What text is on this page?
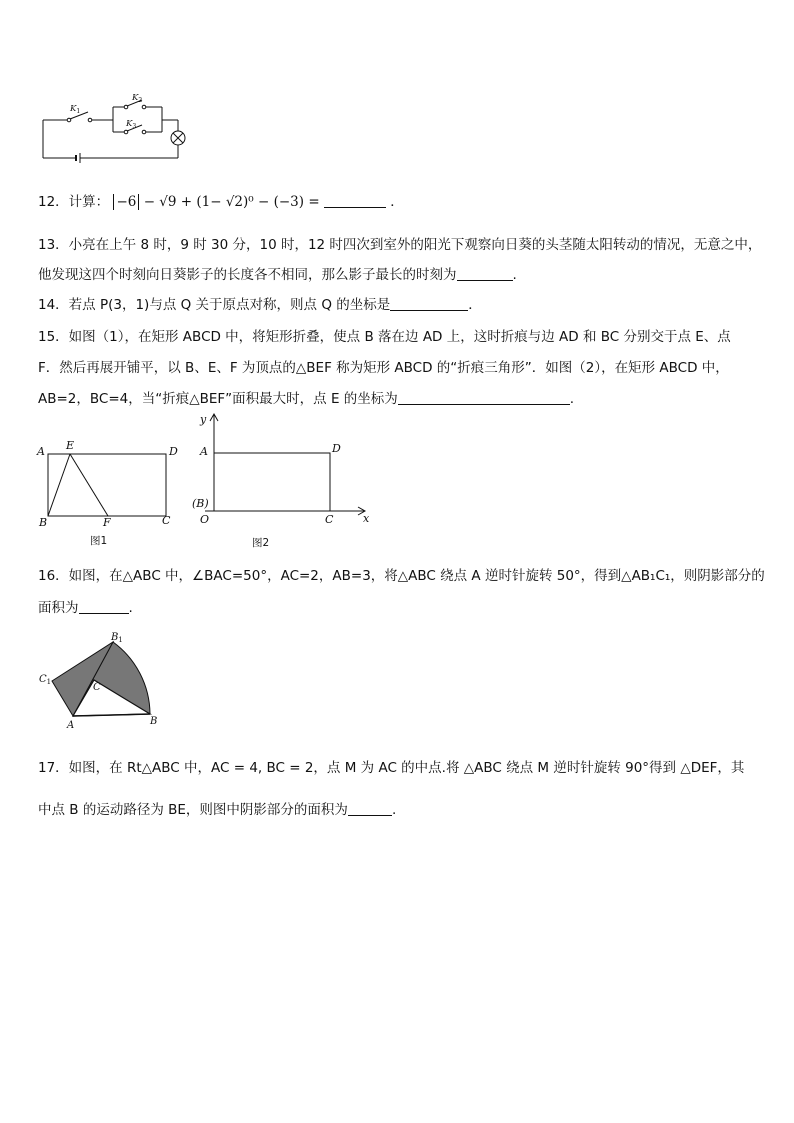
$K_1$
$K_2$
$K_3$
12．计算： −6 − √9 + (1− √2)⁰ − (−3) =	．
13．小亮在上午 8 时，9 时 30 分，10 时，12 时四次到室外的阳光下观察向日葵的头茎随太阳转动的情况，无意之中，
他发现这四个时刻向日葵影子的长度各不相同，那么影子最长的时刻为	.
14．若点 P(3，1)与点 Q 关于原点对称，则点 Q 的坐标是	．
15．如图（1），在矩形 ABCD 中，将矩形折叠，使点 B 落在边 AD 上，这时折痕与边 AD 和 BC 分别交于点 E、点
F．然后再展开铺平，以 B、E、F 为顶点的△BEF 称为矩形 ABCD 的“折痕三角形”．如图（2），在矩形 ABCD 中，
AB=2，BC=4，当“折痕△BEF”面积最大时，点 E 的坐标为	.
A E	D
B	F	C
图1
y
A	D
(B)
O	C	x
图2
16．如图，在△ABC 中，∠BAC=50°，AC=2，AB=3，将△ABC 绕点 A 逆时针旋转 50°，得到△AB₁C₁，则阴影部分的
面积为	.
$B_1$
$C_1$	C
A	B
17．如图，在 Rt△ABC 中，AC = 4, BC = 2，点 M 为 AC 的中点.将 △ABC 绕点 M 逆时针旋转 90°得到 △DEF，其
中点 B 的运动路径为 BE，则图中阴影部分的面积为	.
